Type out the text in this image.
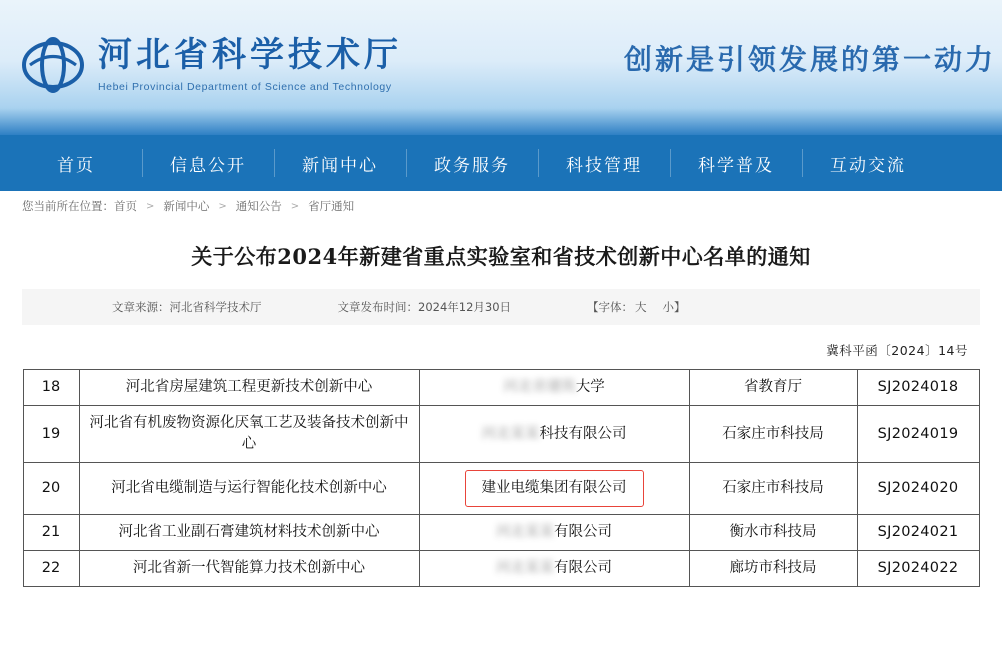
河北省科学技术厅
Hebei Provincial Department of Science and Technology
创新是引领发展的第一动力
首页	信息公开	新闻中心	政务服务	科技管理	科学普及	互动交流
您当前所在位置： 首页 > 新闻中心 > 通知公告 > 省厅通知
关于公布2024年新建省重点实验室和省技术创新中心名单的通知
文章来源：河北省科学技术厅	文章发布时间：2024年12月30日	【字体： 大 小】
冀科平函〔2024〕14号
18	河北省房屋建筑工程更新技术创新中心	河北省建筑大学	省教育厅	SJ2024018
19	河北省有机废物资源化厌氧工艺及装备技术创新中心	河北某某科技有限公司	石家庄市科技局	SJ2024019
20	河北省电缆制造与运行智能化技术创新中心	建业电缆集团有限公司	石家庄市科技局	SJ2024020
21	河北省工业副石膏建筑材料技术创新中心	河北某某有限公司	衡水市科技局	SJ2024021
22	河北省新一代智能算力技术创新中心	河北某某有限公司	廊坊市科技局	SJ2024022
